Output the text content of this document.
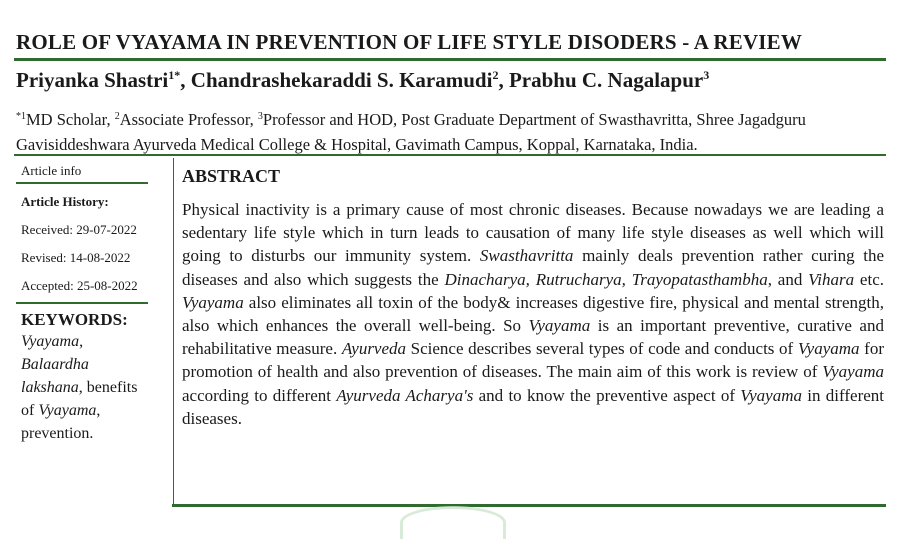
ROLE OF VYAYAMA IN PREVENTION OF LIFE STYLE DISODERS - A REVIEW
Priyanka Shastri$^{1*}$, Chandrashekaraddi S. Karamudi$^2$, Prabhu C. Nagalapur$^3$
$^{*1}$MD Scholar, $^2$Associate Professor, $^3$Professor and HOD, Post Graduate Department of Swasthavritta, Shree Jagadguru Gavisiddeshwara Ayurveda Medical College & Hospital, Gavimath Campus, Koppal, Karnataka, India.
Article info
Article History:
Received: 29-07-2022
Revised: 14-08-2022
Accepted: 25-08-2022
KEYWORDS:
Vyayama,
Balaardha lakshana, benefits of Vyayama, prevention.
ABSTRACT
Physical inactivity is a primary cause of most chronic diseases. Because nowadays we are leading a sedentary life style which in turn leads to causation of many life style diseases as well which will going to disturbs our immunity system. Swasthavritta mainly deals prevention rather curing the diseases and also which suggests the Dinacharya, Rutrucharya, Trayopatasthambha, and Vihara etc. Vyayama also eliminates all toxin of the body& increases digestive fire, physical and mental strength, also which enhances the overall well-being. So Vyayama is an important preventive, curative and rehabilitative measure. Ayurveda Science describes several types of code and conducts of Vyayama for promotion of health and also prevention of diseases. The main aim of this work is review of Vyayama according to different Ayurveda Acharya's and to know the preventive aspect of Vyayama in different diseases.
